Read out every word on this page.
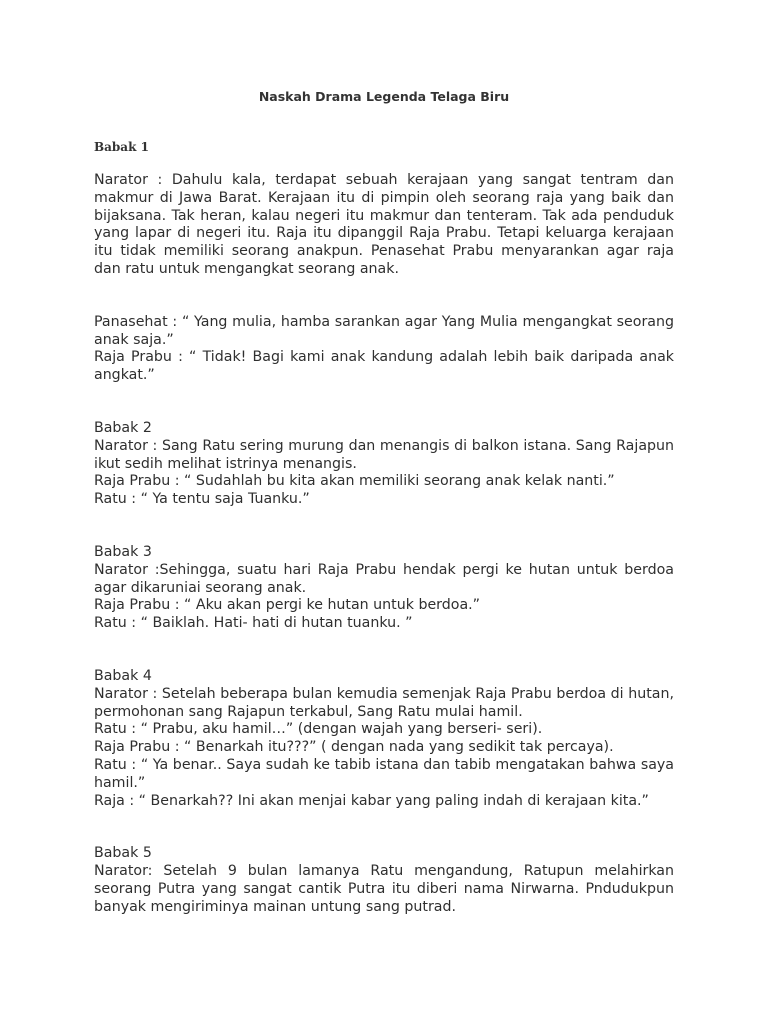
Naskah Drama Legenda Telaga Biru
Babak 1

Narator : Dahulu kala, terdapat sebuah kerajaan yang sangat tentram dan makmur di Jawa Barat. Kerajaan itu di pimpin oleh seorang raja yang baik dan bijaksana. Tak heran, kalau negeri itu makmur dan tenteram. Tak ada penduduk yang lapar di negeri itu. Raja itu dipanggil Raja Prabu. Tetapi keluarga kerajaan itu tidak memiliki seorang anakpun. Penasehat Prabu menyarankan agar raja dan ratu untuk mengangkat seorang anak.

Panasehat : “ Yang mulia, hamba sarankan agar Yang Mulia mengangkat seorang anak saja.”

Raja Prabu : “ Tidak! Bagi kami anak kandung adalah lebih baik daripada anak angkat.”

Babak 2

Narator : Sang Ratu sering murung dan menangis di balkon istana. Sang Rajapun ikut sedih melihat istrinya menangis.

Raja Prabu : “ Sudahlah bu kita akan memiliki seorang anak kelak nanti.”

Ratu : “ Ya tentu saja Tuanku.”

Babak 3

Narator :Sehingga, suatu hari Raja Prabu hendak pergi ke hutan untuk berdoa agar dikaruniai seorang anak.

Raja Prabu : “ Aku akan pergi ke hutan untuk berdoa.”

Ratu : “ Baiklah. Hati- hati di hutan tuanku. ”

Babak 4

Narator : Setelah beberapa bulan kemudia semenjak Raja Prabu berdoa di hutan, permohonan sang Rajapun terkabul, Sang Ratu mulai hamil.

Ratu : “ Prabu, aku hamil…” (dengan wajah yang berseri- seri).

Raja Prabu : “ Benarkah itu???” ( dengan nada yang sedikit tak percaya).

Ratu : “ Ya benar.. Saya sudah ke tabib istana dan tabib mengatakan bahwa saya hamil.”

Raja : “ Benarkah?? Ini akan menjai kabar yang paling indah di kerajaan kita.”

Babak 5

Narator: Setelah 9 bulan lamanya Ratu mengandung, Ratupun melahirkan seorang Putra yang sangat cantik Putra itu diberi nama Nirwarna. Pndudukpun banyak mengiriminya mainan untung sang putrad.
